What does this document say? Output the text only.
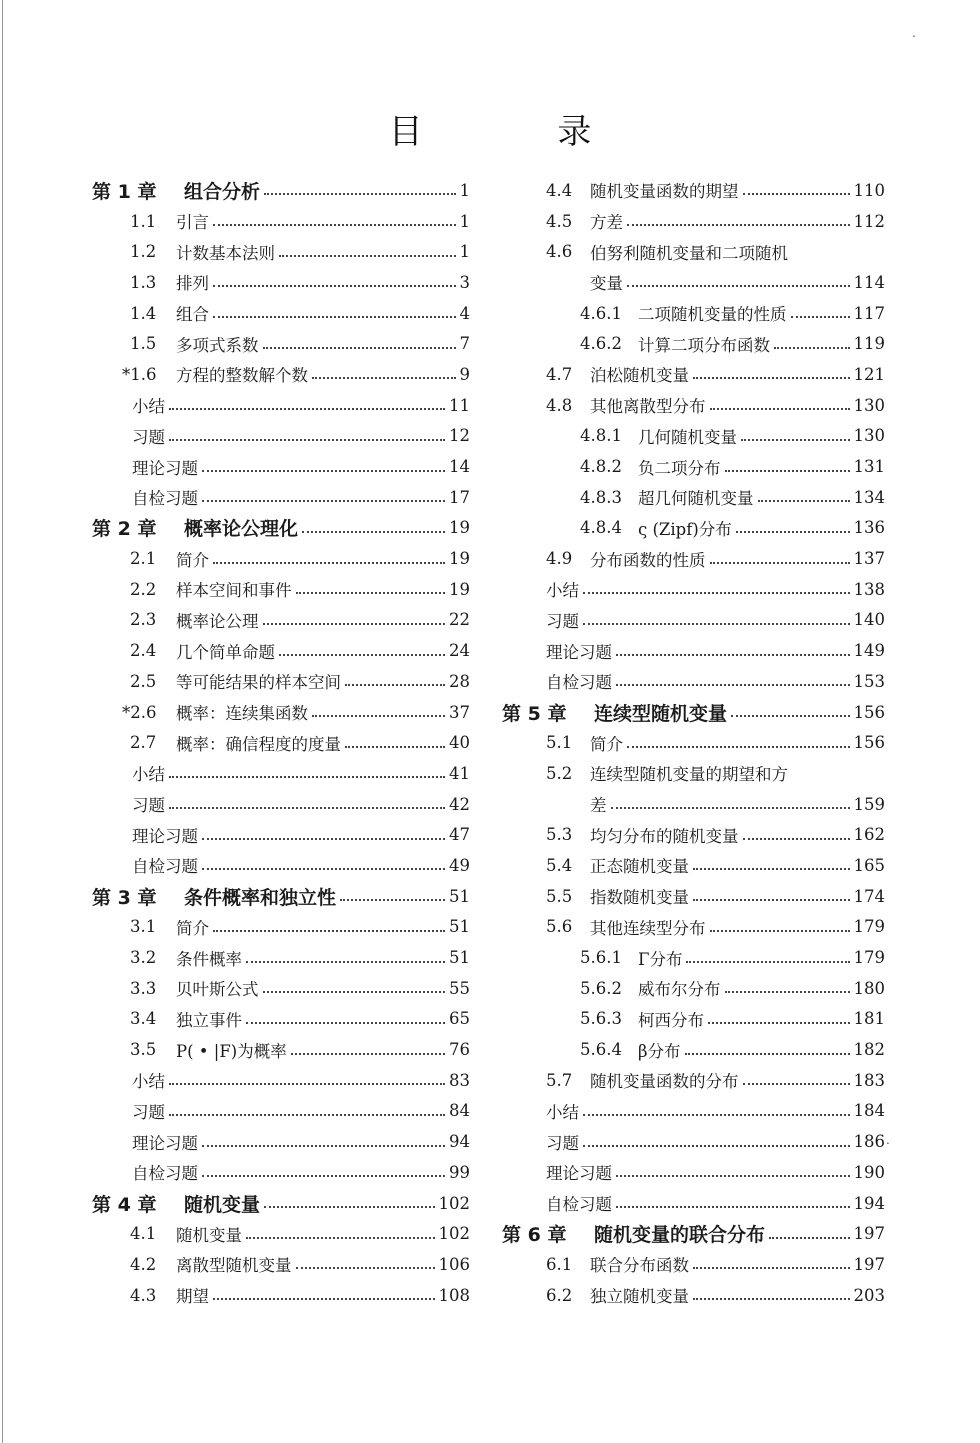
.
.
目 录
第 1 章	组合分析	1
1.1	引言	1
1.2	计数基本法则	1
1.3	排列	3
1.4	组合	4
1.5	多项式系数	7
*1.6	方程的整数解个数	9
小结	11
习题	12
理论习题	14
自检习题	17
第 2 章	概率论公理化	19
2.1	简介	19
2.2	样本空间和事件	19
2.3	概率论公理	22
2.4	几个简单命题	24
2.5	等可能结果的样本空间	28
*2.6	概率：连续集函数	37
2.7	概率：确信程度的度量	40
小结	41
习题	42
理论习题	47
自检习题	49
第 3 章	条件概率和独立性	51
3.1	简介	51
3.2	条件概率	51
3.3	贝叶斯公式	55
3.4	独立事件	65
3.5	P( • |F)为概率	76
小结	83
习题	84
理论习题	94
自检习题	99
第 4 章	随机变量	102
4.1	随机变量	102
4.2	离散型随机变量	106
4.3	期望	108
4.4	随机变量函数的期望	110
4.5	方差	112
4.6	伯努利随机变量和二项随机
变量	114
4.6.1 二项随机变量的性质	117
4.6.2 计算二项分布函数	119
4.7	泊松随机变量	121
4.8	其他离散型分布	130
4.8.1 几何随机变量	130
4.8.2 负二项分布	131
4.8.3 超几何随机变量	134
4.8.4 ς (Zipf)分布	136
4.9	分布函数的性质	137
小结	138
习题	140
理论习题	149
自检习题	153
第 5 章	连续型随机变量	156
5.1	简介	156
5.2	连续型随机变量的期望和方
差	159
5.3	均匀分布的随机变量	162
5.4	正态随机变量	165
5.5	指数随机变量	174
5.6	其他连续型分布	179
5.6.1 Γ分布	179
5.6.2 威布尔分布	180
5.6.3 柯西分布	181
5.6.4 β分布	182
5.7	随机变量函数的分布	183
小结	184
习题	186
理论习题	190
自检习题	194
第 6 章	随机变量的联合分布	197
6.1	联合分布函数	197
6.2	独立随机变量	203
